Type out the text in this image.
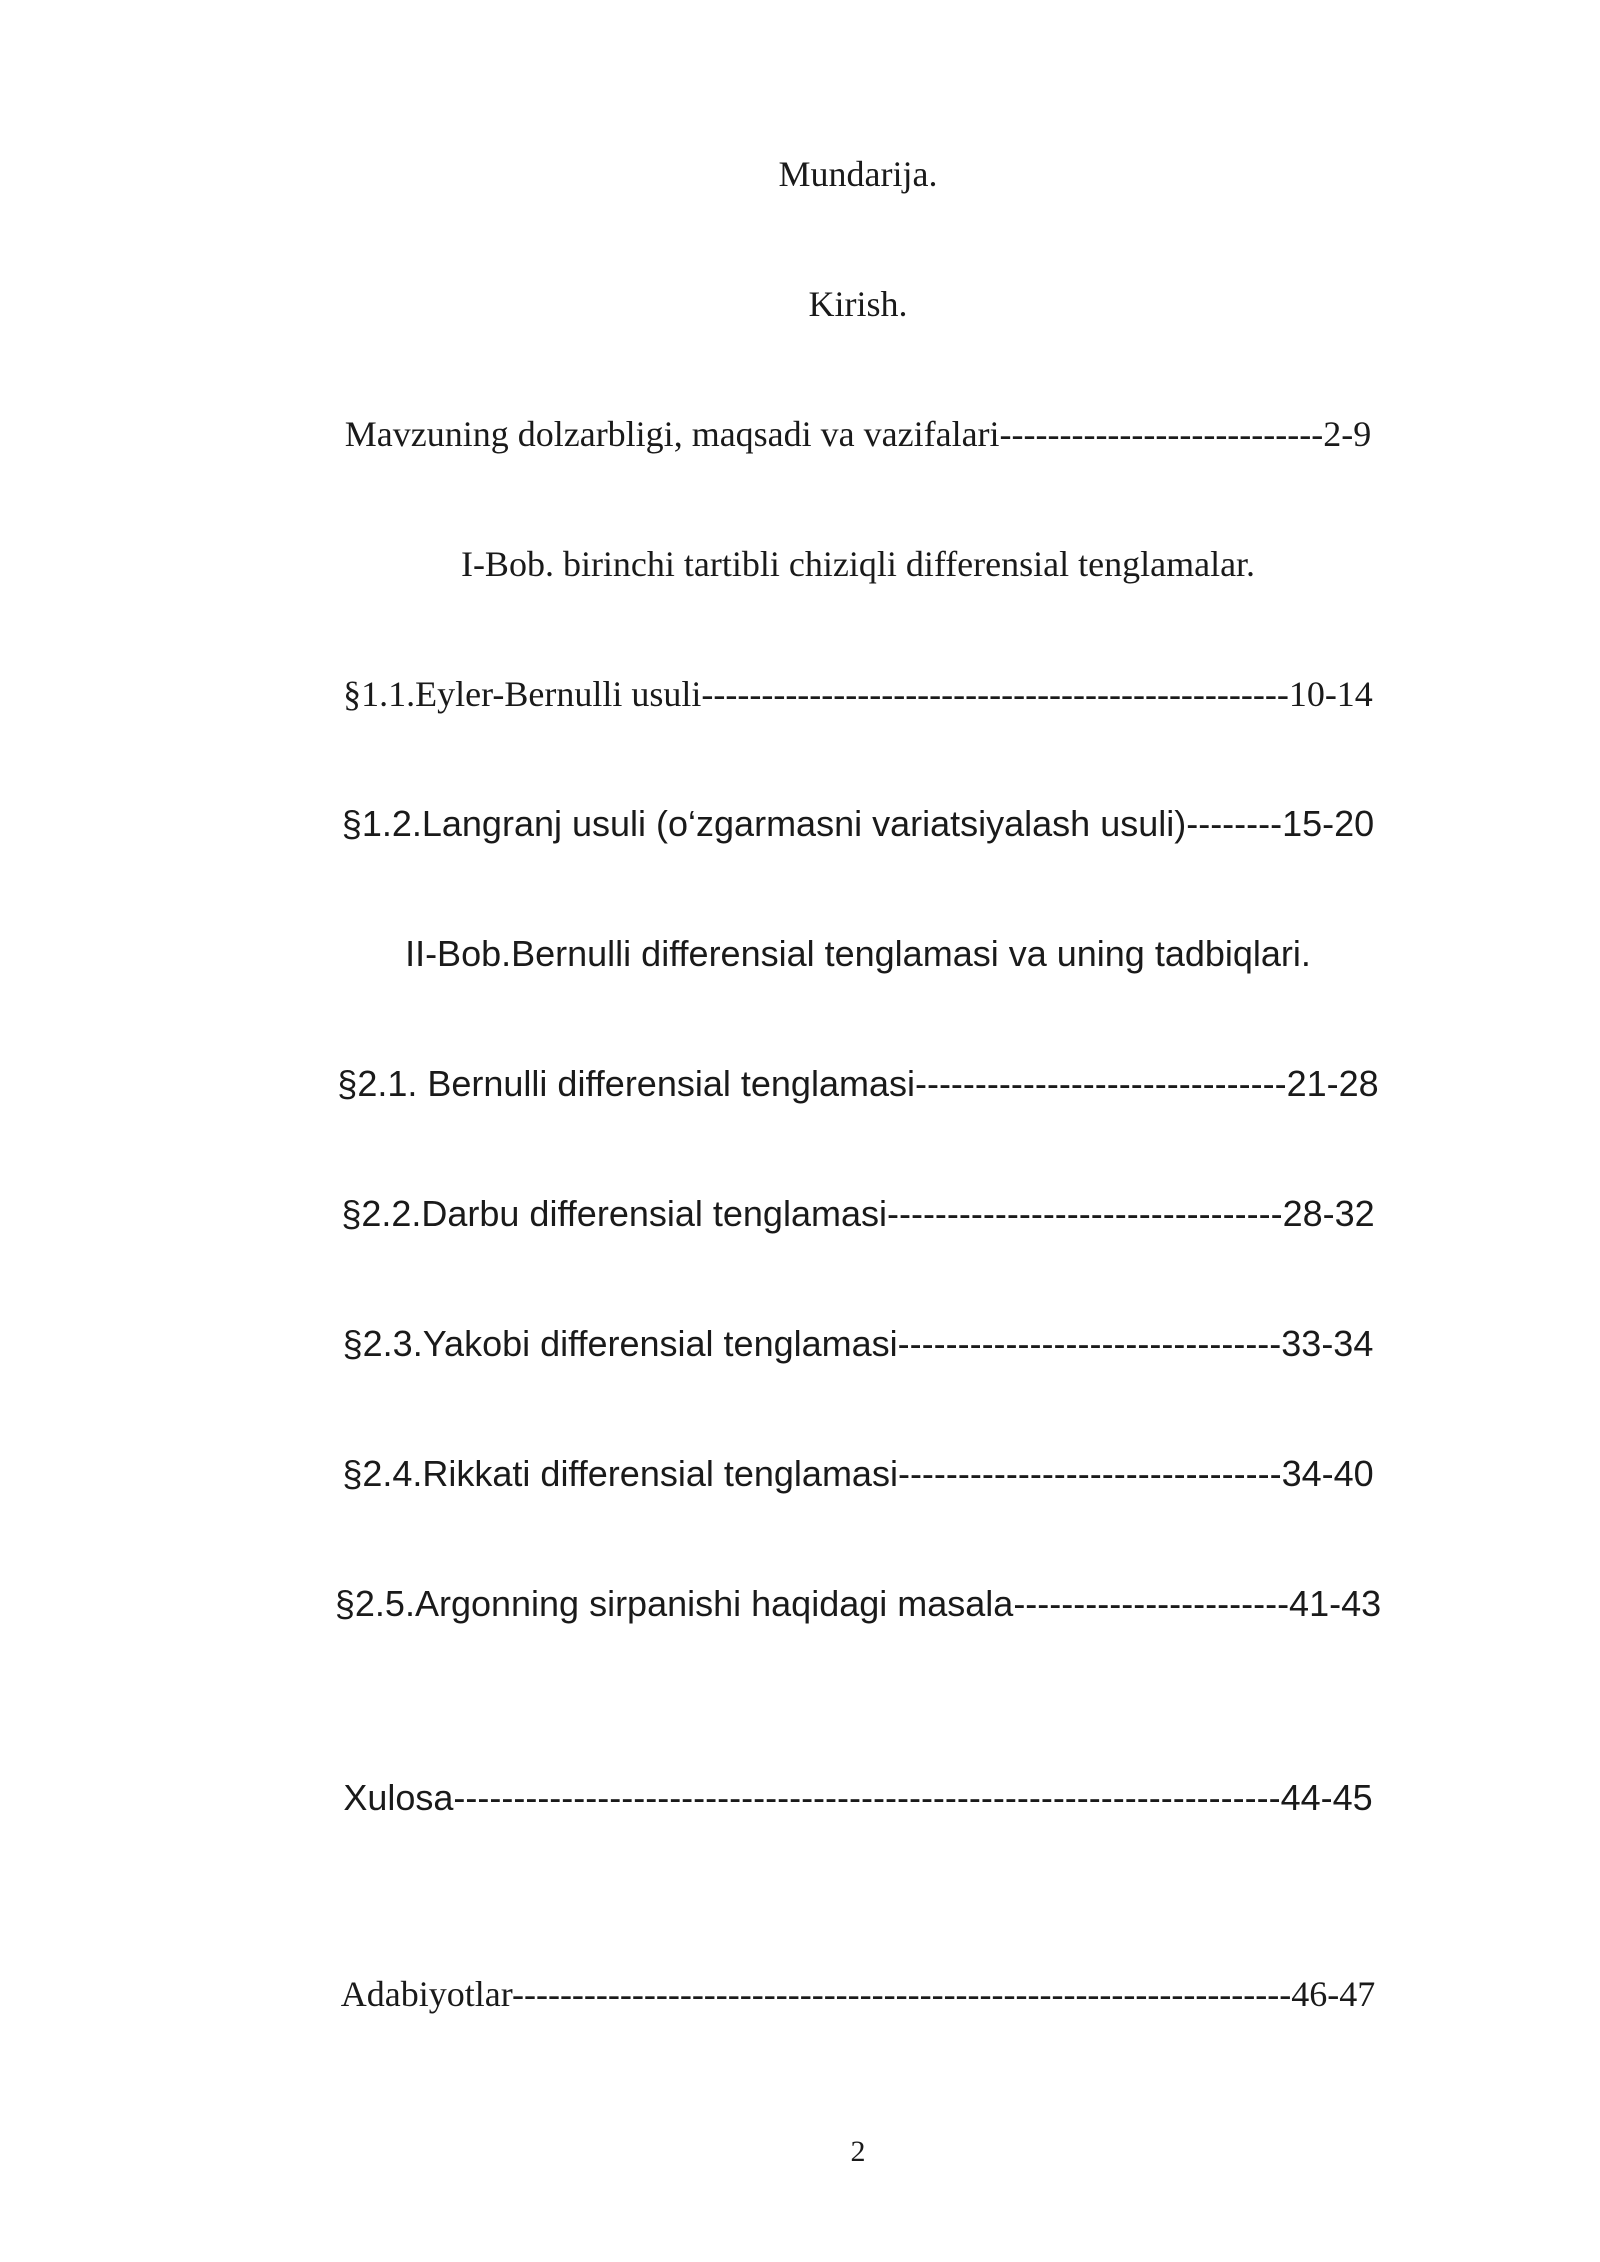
Mundarija.
Kirish.
Mavzuning dolzarbligi, maqsadi va vazifalari---------------------------2-9
I-Bob. birinchi tartibli chiziqli differensial tenglamalar.
§1.1.Eyler-Bernulli usuli-------------------------------------------------10-14
§1.2.Langranj usuli (o‘zgarmasni variatsiyalash usuli)--------15-20
II-Bob.Bernulli differensial tenglamasi va uning tadbiqlari.
§2.1. Bernulli differensial tenglamasi-------------------------------21-28
§2.2.Darbu differensial tenglamasi---------------------------------28-32
§2.3.Yakobi differensial tenglamasi--------------------------------33-34
§2.4.Rikkati differensial tenglamasi--------------------------------34-40
§2.5.Argonning sirpanishi haqidagi masala-----------------------41-43
Xulosa---------------------------------------------------------------------44-45
Adabiyotlar-----------------------------------------------------------------46-47
2
